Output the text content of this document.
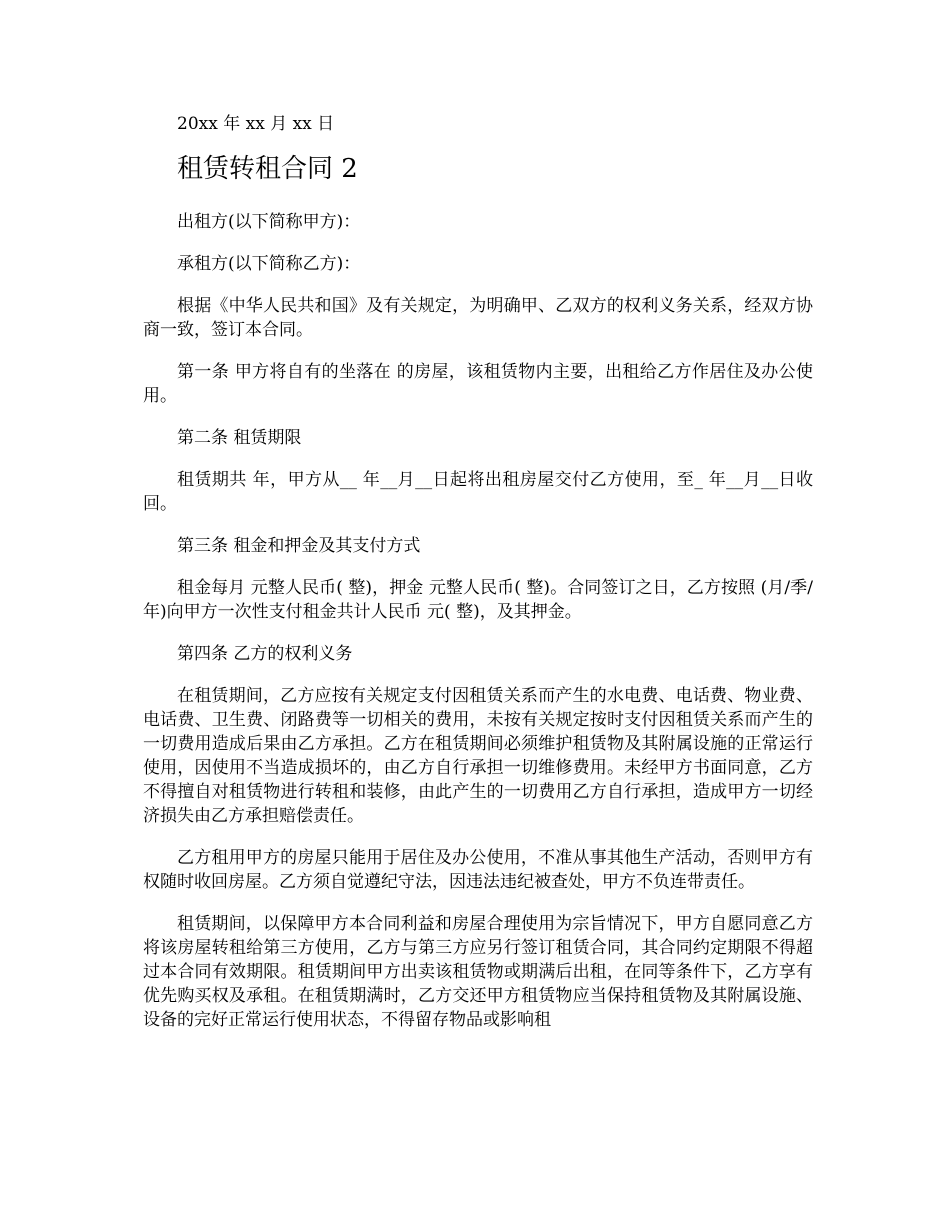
20xx 年 xx 月 xx 日
租赁转租合同 2

出租方(以下简称甲方)：

承租方(以下简称乙方)：

根据《中华人民共和国》及有关规定，为明确甲、乙双方的权利义务关系，经双方协商一致，签订本合同。

第一条 甲方将自有的坐落在 的房屋，该租赁物内主要，出租给乙方作居住及办公使用。

第二条 租赁期限

租赁期共 年，甲方从__ 年__月__日起将出租房屋交付乙方使用，至_ 年__月__日收回。

第三条 租金和押金及其支付方式

租金每月 元整人民币( 整)，押金 元整人民币( 整)。合同签订之日，乙方按照 (月/季/ 年)向甲方一次性支付租金共计人民币 元( 整)，及其押金。

第四条 乙方的权利义务

在租赁期间，乙方应按有关规定支付因租赁关系而产生的水电费、电话费、物业费、电话费、卫生费、闭路费等一切相关的费用，未按有关规定按时支付因租赁关系而产生的一切费用造成后果由乙方承担。乙方在租赁期间必须维护租赁物及其附属设施的正常运行使用，因使用不当造成损坏的，由乙方自行承担一切维修费用。未经甲方书面同意，乙方不得擅自对租赁物进行转租和装修，由此产生的一切费用乙方自行承担，造成甲方一切经济损失由乙方承担赔偿责任。

乙方租用甲方的房屋只能用于居住及办公使用，不准从事其他生产活动，否则甲方有权随时收回房屋。乙方须自觉遵纪守法，因违法违纪被查处，甲方不负连带责任。

租赁期间，以保障甲方本合同利益和房屋合理使用为宗旨情况下，甲方自愿同意乙方将该房屋转租给第三方使用，乙方与第三方应另行签订租赁合同，其合同约定期限不得超过本合同有效期限。租赁期间甲方出卖该租赁物或期满后出租，在同等条件下，乙方享有优先购买权及承租。在租赁期满时，乙方交还甲方租赁物应当保持租赁物及其附属设施、设备的完好正常运行使用状态，不得留存物品或影响租
